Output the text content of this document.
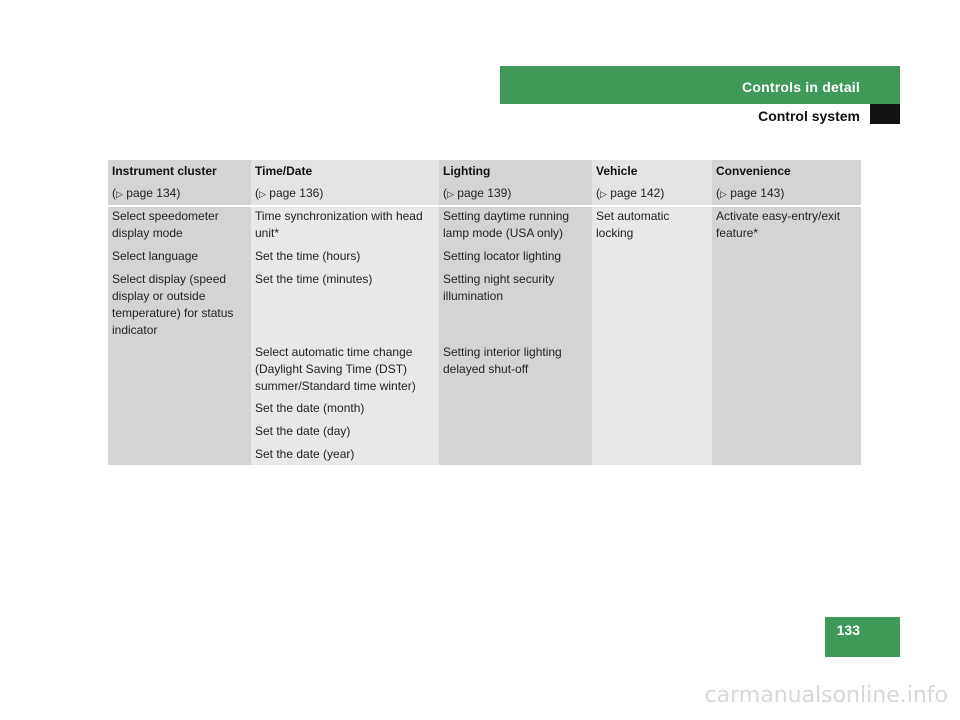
Controls in detail
Control system
Instrument cluster
(▷ page 134)
Select speedometer display mode
Select language
Select display (speed display or outside temperature) for status indicator
Time/Date
(▷ page 136)
Time synchronization with head unit*
Set the time (hours)
Set the time (minutes)
Select automatic time change (Daylight Saving Time (DST) summer/Standard time winter)
Set the date (month)
Set the date (day)
Set the date (year)
Lighting
(▷ page 139)
Setting daytime running lamp mode (USA only)
Setting locator lighting
Setting night security illumination
Setting interior lighting delayed shut-off
Vehicle
(▷ page 142)
Set automatic locking
Convenience
(▷ page 143)
Activate easy-entry/exit feature*
133
carmanualsonline.info
